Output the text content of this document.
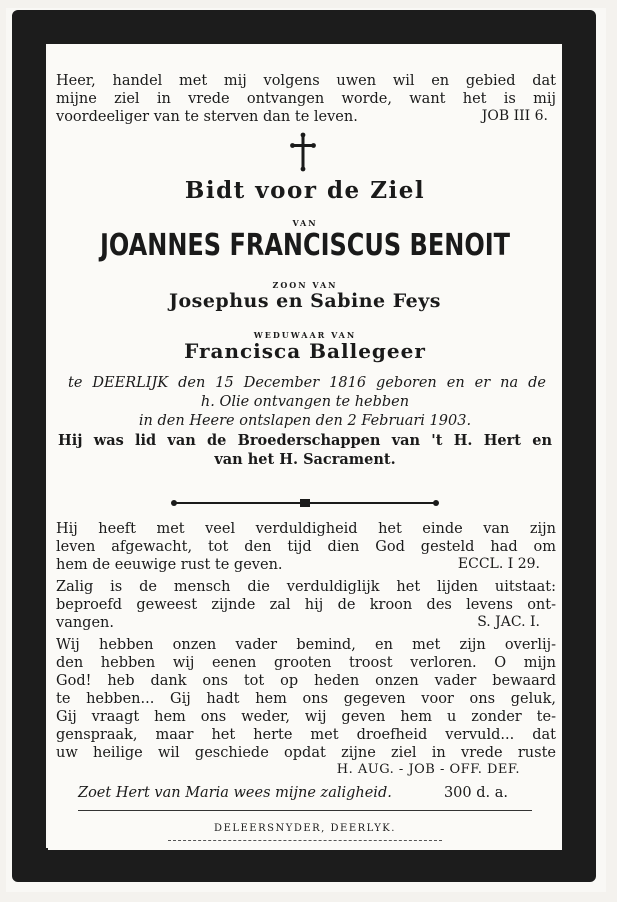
Heer, handel met mij volgens uwen wil en gebied dat
mijne ziel in vrede ontvangen worde, want het is mij
voordeeliger van te sterven dan te leven.	JOB III 6.
Bidt voor de Ziel
VAN
JOANNES FRANCISCUS BENOIT
ZOON VAN
Josephus en Sabine Feys
WEDUWAAR VAN
Francisca Ballegeer
te DEERLIJK den 15 December 1816 geboren en er na de
h. Olie ontvangen te hebben
in den Heere ontslapen den 2 Februari 1903.
Hij was lid van de Broederschappen van 't H. Hert en
van het H. Sacrament.
Hij heeft met veel verduldigheid het einde van zijn
leven afgewacht, tot den tijd dien God gesteld had om
hem de eeuwige rust te geven.	ECCL. I 29.
Zalig is de mensch die verduldiglijk het lijden uitstaat:
beproefd geweest zijnde zal hij de kroon des levens ont-
vangen.	S. JAC. I.
Wij hebben onzen vader bemind, en met zijn overlij-
den hebben wij eenen grooten troost verloren. O mijn
God! heb dank ons tot op heden onzen vader bewaard
te hebben... Gij hadt hem ons gegeven voor ons geluk,
Gij vraagt hem ons weder, wij geven hem u zonder te-
genspraak, maar het herte met droefheid vervuld... dat
uw heilige wil geschiede opdat zijne ziel in vrede ruste
H. AUG. - JOB - OFF. DEF.
Zoet Hert van Maria wees mijne zaligheid.	300 d. a.
DELEERSNYDER, DEERLYK.
